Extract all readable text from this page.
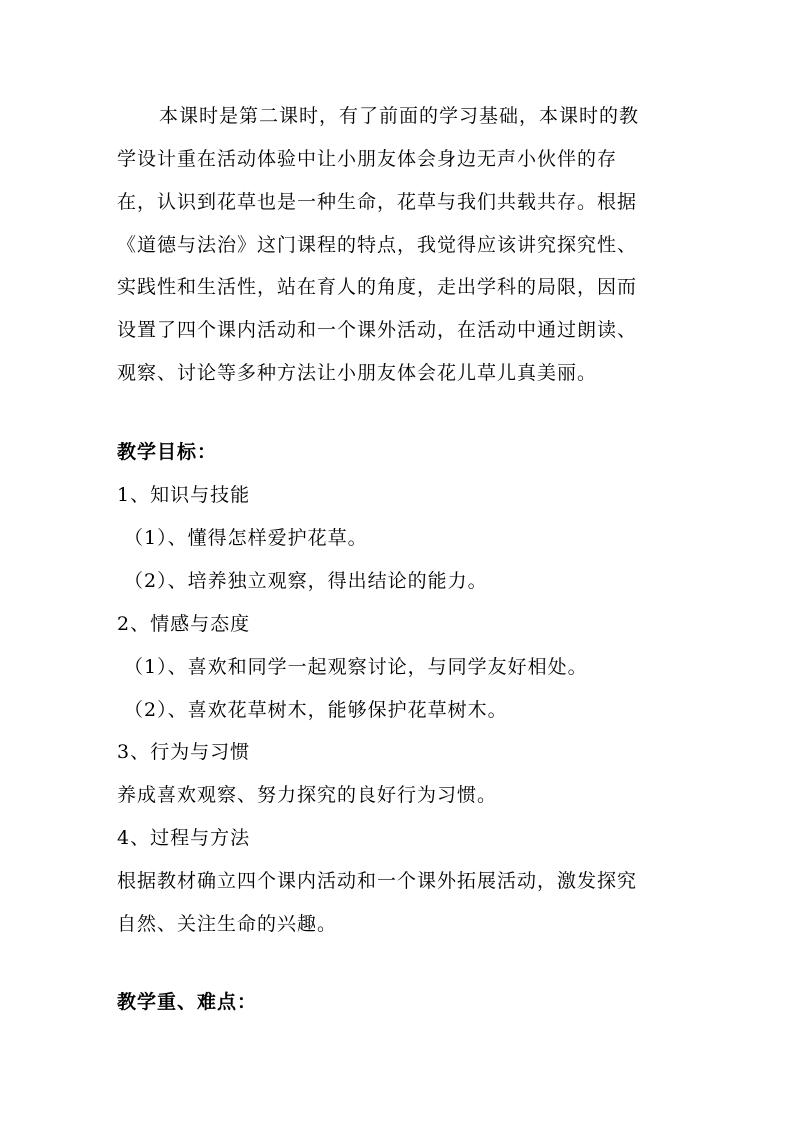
本课时是第二课时，有了前面的学习基础，本课时的教
学设计重在活动体验中让小朋友体会身边无声小伙伴的存
在，认识到花草也是一种生命，花草与我们共载共存。根据
《道德与法治》这门课程的特点，我觉得应该讲究探究性、
实践性和生活性，站在育人的角度，走出学科的局限，因而
设置了四个课内活动和一个课外活动，在活动中通过朗读、
观察、讨论等多种方法让小朋友体会花儿草儿真美丽。
教学目标：
1、知识与技能
（1）、懂得怎样爱护花草。
（2）、培养独立观察，得出结论的能力。
2、情感与态度
（1）、喜欢和同学一起观察讨论，与同学友好相处。
（2）、喜欢花草树木，能够保护花草树木。
3、行为与习惯
养成喜欢观察、努力探究的良好行为习惯。
4、过程与方法
根据教材确立四个课内活动和一个课外拓展活动，激发探究
自然、关注生命的兴趣。
教学重、难点：
